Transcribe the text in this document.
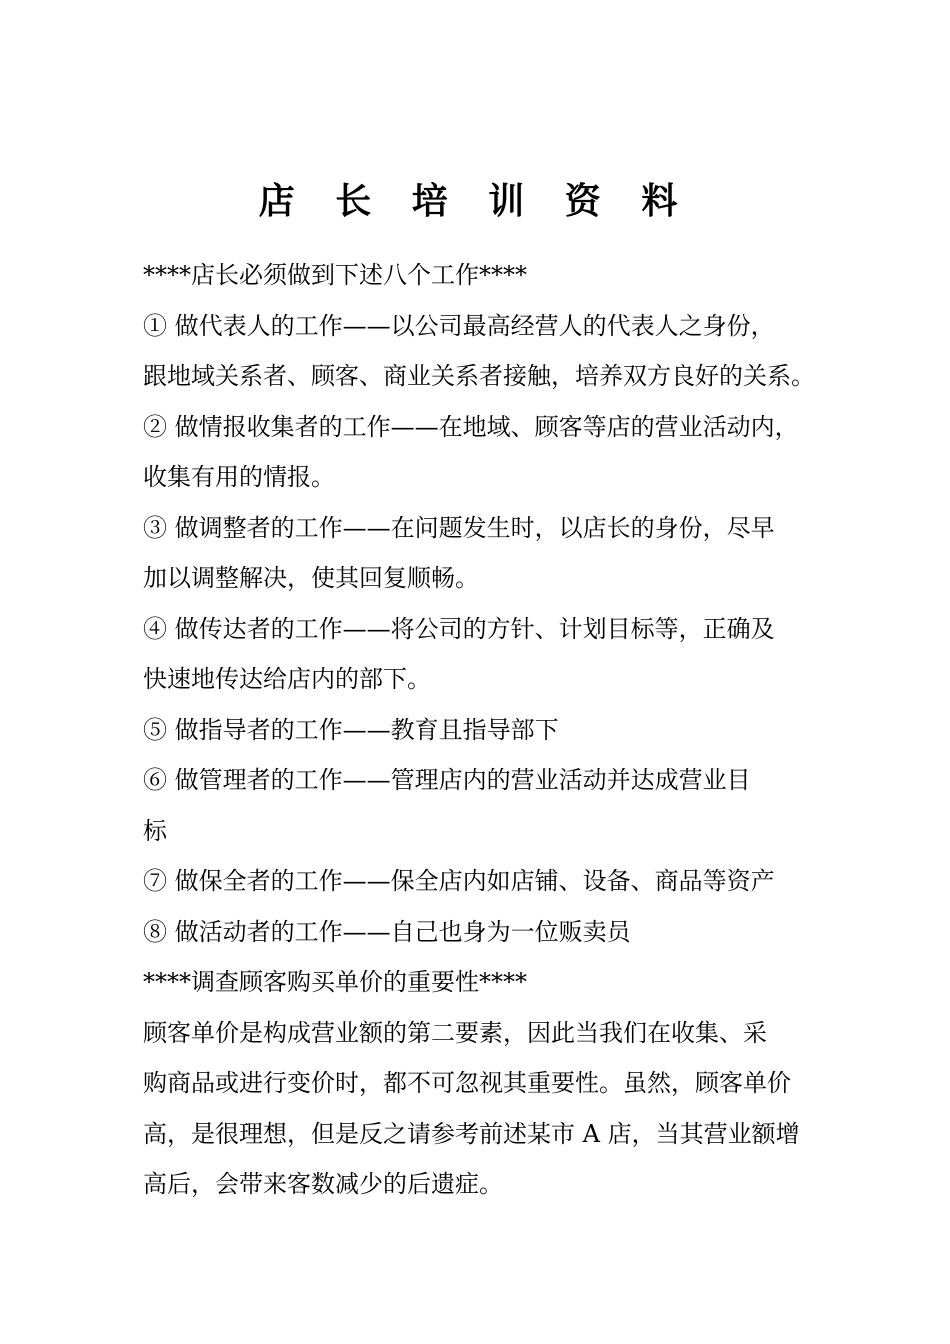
店 长 培 训 资 料
****店长必须做到下述八个工作****
① 做代表人的工作——以公司最高经营人的代表人之身份，
跟地域关系者、顾客、商业关系者接触，培养双方良好的关系。
② 做情报收集者的工作——在地域、顾客等店的营业活动内，
收集有用的情报。
③ 做调整者的工作——在问题发生时，以店长的身份，尽早
加以调整解决，使其回复顺畅。
④ 做传达者的工作——将公司的方针、计划目标等，正确及
快速地传达给店内的部下。
⑤ 做指导者的工作——教育且指导部下
⑥ 做管理者的工作——管理店内的营业活动并达成营业目
标
⑦ 做保全者的工作——保全店内如店铺、设备、商品等资产
⑧ 做活动者的工作——自己也身为一位贩卖员
****调查顾客购买单价的重要性****
顾客单价是构成营业额的第二要素，因此当我们在收集、采
购商品或进行变价时，都不可忽视其重要性。虽然，顾客单价
高，是很理想，但是反之请参考前述某市 A 店，当其营业额增
高后，会带来客数减少的后遗症。
